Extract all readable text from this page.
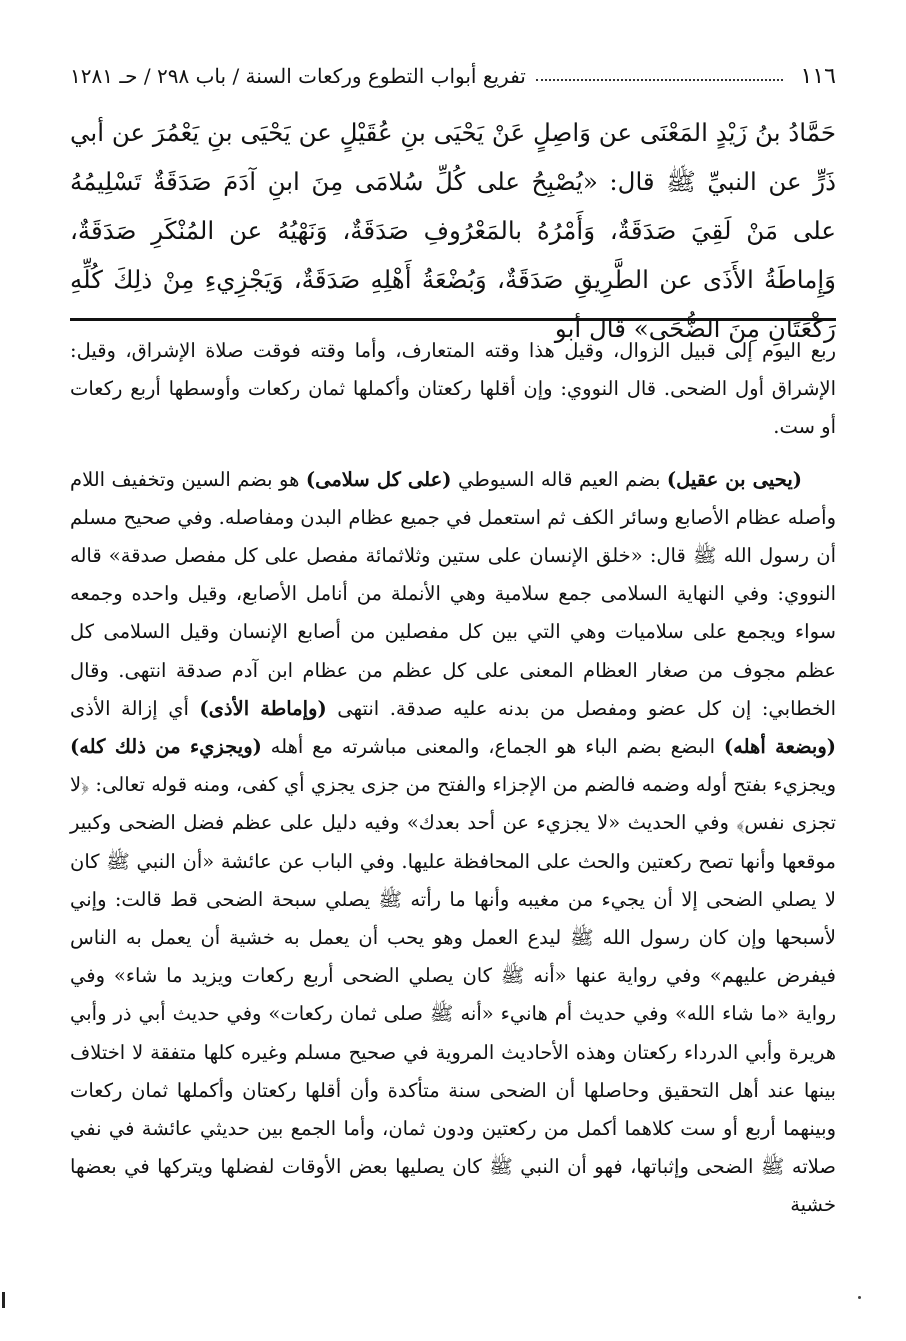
١١٦
تفريع أبواب التطوع وركعات السنة / باب ٢٩٨ / حـ ١٢٨١
حَمَّادُ بنُ زَيْدٍ المَعْنَى عن وَاصِلٍ عَنْ يَحْيَى بنِ عُقَيْلٍ عن يَحْيَى بنِ يَعْمُرَ عن أبي ذَرٍّ عن النبيِّ ﷺ قال: «يُصْبِحُ على كُلِّ سُلامَى مِنَ ابنِ آدَمَ صَدَقَةٌ تَسْلِيمُهُ على مَنْ لَقِيَ صَدَقَةٌ، وَأَمْرُهُ بالمَعْرُوفِ صَدَقَةٌ، وَنَهْيُهُ عن المُنْكَرِ صَدَقَةٌ، وَإِماطَةُ الأَذَى عن الطَّرِيقِ صَدَقَةٌ، وَبُضْعَةُ أَهْلِهِ صَدَقَةٌ، وَيَجْزِيءِ مِنْ ذلِكَ كُلِّهِ رَكْعَتَانِ مِنَ الضُّحَى» قال أبو

ربع اليوم إلى قبيل الزوال، وقيل هذا وقته المتعارف، وأما وقته فوقت صلاة الإشراق، وقيل: الإشراق أول الضحى. قال النووي: وإن أقلها ركعتان وأكملها ثمان ركعات وأوسطها أربع ركعات أو ست.

(يحيى بن عقيل) بضم العيم قاله السيوطي (على كل سلامى) هو بضم السين وتخفيف اللام وأصله عظام الأصابع وسائر الكف ثم استعمل في جميع عظام البدن ومفاصله. وفي صحيح مسلم أن رسول الله ﷺ قال: «خلق الإنسان على ستين وثلاثمائة مفصل على كل مفصل صدقة» قاله النووي: وفي النهاية السلامى جمع سلامية وهي الأنملة من أنامل الأصابع، وقيل واحده وجمعه سواء ويجمع على سلاميات وهي التي بين كل مفصلين من أصابع الإنسان وقيل السلامى كل عظم مجوف من صغار العظام المعنى على كل عظم من عظام ابن آدم صدقة انتهى. وقال الخطابي: إن كل عضو ومفصل من بدنه عليه صدقة. انتهى (وإماطة الأذى) أي إزالة الأذى (وبضعة أهله) البضع بضم الباء هو الجماع، والمعنى مباشرته مع أهله (ويجزيء من ذلك كله) ويجزيء بفتح أوله وضمه فالضم من الإجزاء والفتح من جزى يجزي أي كفى، ومنه قوله تعالى: ﴿لا تجزى نفس﴾ وفي الحديث «لا يجزيء عن أحد بعدك» وفيه دليل على عظم فضل الضحى وكبير موقعها وأنها تصح ركعتين والحث على المحافظة عليها. وفي الباب عن عائشة «أن النبي ﷺ كان لا يصلي الضحى إلا أن يجيء من مغيبه وأنها ما رأته ﷺ يصلي سبحة الضحى قط قالت: وإني لأسبحها وإن كان رسول الله ﷺ ليدع العمل وهو يحب أن يعمل به خشية أن يعمل به الناس فيفرض عليهم» وفي رواية عنها «أنه ﷺ كان يصلي الضحى أربع ركعات ويزيد ما شاء» وفي رواية «ما شاء الله» وفي حديث أم هانيء «أنه ﷺ صلى ثمان ركعات» وفي حديث أبي ذر وأبي هريرة وأبي الدرداء ركعتان وهذه الأحاديث المروية في صحيح مسلم وغيره كلها متفقة لا اختلاف بينها عند أهل التحقيق وحاصلها أن الضحى سنة متأكدة وأن أقلها ركعتان وأكملها ثمان ركعات وبينهما أربع أو ست كلاهما أكمل من ركعتين ودون ثمان، وأما الجمع بين حديثي عائشة في نفي صلاته ﷺ الضحى وإثباتها، فهو أن النبي ﷺ كان يصليها بعض الأوقات لفضلها ويتركها في بعضها خشية
